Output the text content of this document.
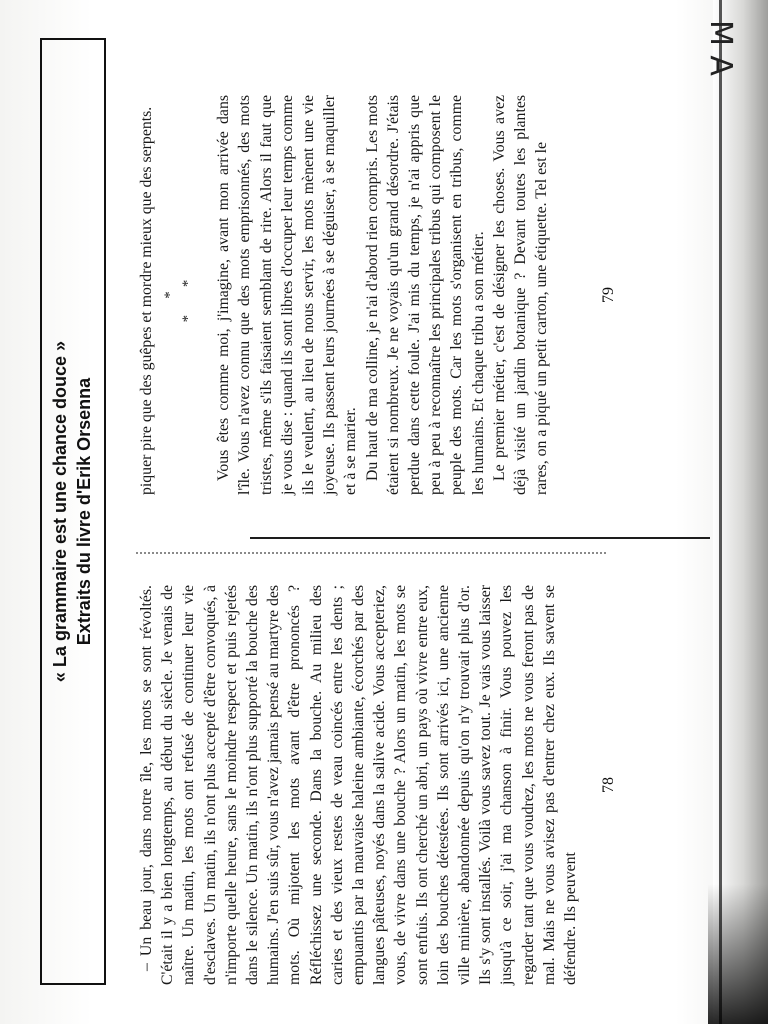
M A
« La grammaire est une chance douce » Extraits du livre d'Erik Orsenna

– Un beau jour, dans notre île, les mots se sont révoltés. C'était il y a bien longtemps, au début du siècle. Je venais de naître. Un matin, les mots ont refusé de continuer leur vie d'esclaves. Un matin, ils n'ont plus accepté d'être convoqués, à n'importe quelle heure, sans le moindre respect et puis rejetés dans le silence. Un matin, ils n'ont plus supporté la bouche des humains. J'en suis sûr, vous n'avez jamais pensé au martyre des mots. Où mijotent les mots avant d'être prononcés ? Réfléchissez une seconde. Dans la bouche. Au milieu des caries et des vieux restes de veau coincés entre les dents ; empuantis par la mauvaise haleine ambiante, écorchés par des langues pâteuses, noyés dans la salive acide. Vous accepteriez, vous, de vivre dans une bouche ? Alors un matin, les mots se sont enfuis. Ils ont cherché un abri, un pays où vivre entre eux, loin des bouches détestées. Ils sont arrivés ici, une ancienne ville minière, abandonnée depuis qu'on n'y trouvait plus d'or. Ils s'y sont installés. Voilà vous savez tout. Je vais vous laisser jusqu'à ce soir, j'ai ma chanson à finir. Vous pouvez les regarder tant que vous voudrez, les mots ne vous feront pas de mal. Mais ne vous avisez pas d'entrer chez eux. Ils savent se défendre. Ils peuvent

piquer pire que des guêpes et mordre mieux que des serpents. * * * Vous êtes comme moi, j'imagine, avant mon arrivée dans l'île. Vous n'avez connu que des mots emprisonnés, des mots tristes, même s'ils faisaient semblant de rire. Alors il faut que je vous dise : quand ils sont libres d'occuper leur temps comme ils le veulent, au lieu de nous servir, les mots mènent une vie joyeuse. Ils passent leurs journées à se déguiser, à se maquiller et à se marier. Du haut de ma colline, je n'ai d'abord rien compris. Les mots étaient si nombreux. Je ne voyais qu'un grand désordre. J'étais perdue dans cette foule. J'ai mis du temps, je n'ai appris que peu à peu à reconnaître les principales tribus qui composent le peuple des mots. Car les mots s'organisent en tribus, comme les humains. Et chaque tribu a son métier. Le premier métier, c'est de désigner les choses. Vous avez déjà visité un jardin botanique ? Devant toutes les plantes rares, on a piqué un petit carton, une étiquette. Tel est le

78
79
